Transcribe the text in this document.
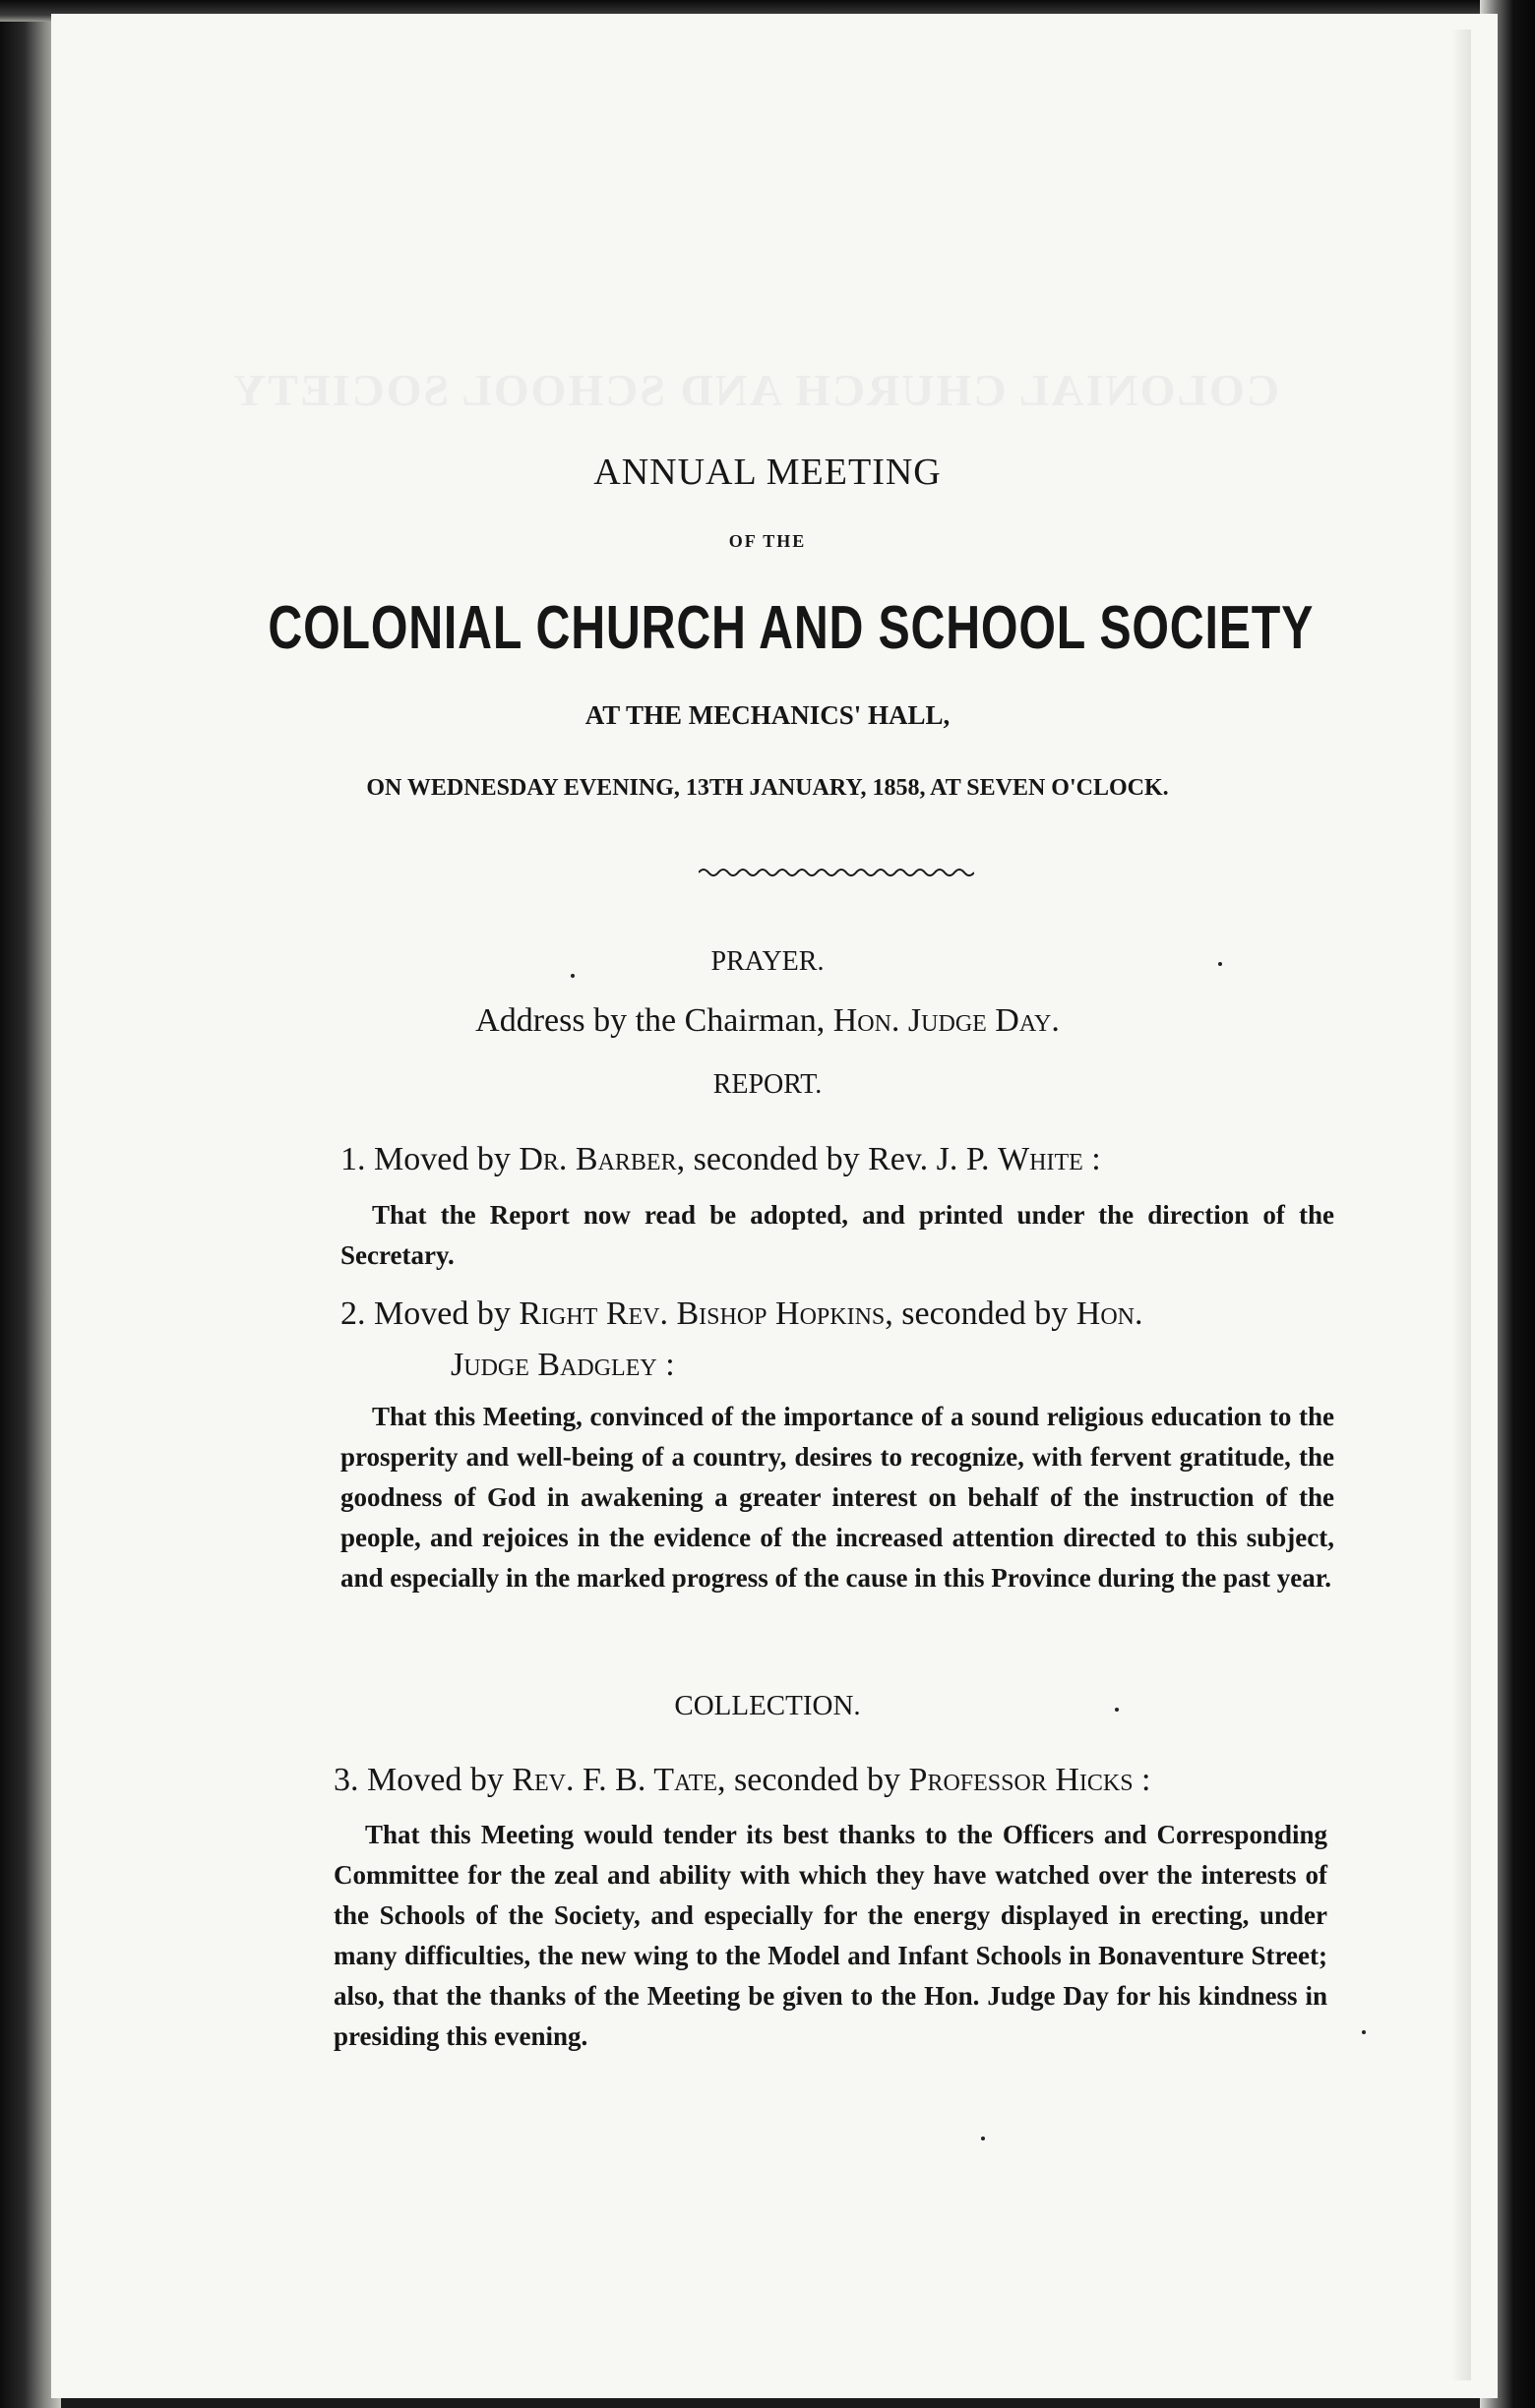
COLONIAL CHURCH AND SCHOOL SOCIETY
ANNUAL MEETING
OF THE
COLONIAL CHURCH AND SCHOOL SOCIETY
AT THE MECHANICS' HALL,
ON WEDNESDAY EVENING, 13TH JANUARY, 1858, AT SEVEN O'CLOCK.
PRAYER.
Address by the Chairman, Hon. Judge Day.
REPORT.
1. Moved by Dr. Barber, seconded by Rev. J. P. White :
That the Report now read be adopted, and printed under the direction of the Secretary.
2. Moved by Right Rev. Bishop Hopkins, seconded by Hon.
Judge Badgley :
That this Meeting, convinced of the importance of a sound religious education to the prosperity and well-being of a country, desires to recognize, with fervent gratitude, the goodness of God in awakening a greater interest on behalf of the instruction of the people, and rejoices in the evidence of the increased attention directed to this subject, and especially in the marked progress of the cause in this Province during the past year.
COLLECTION.
3. Moved by Rev. F. B. Tate, seconded by Professor Hicks :
That this Meeting would tender its best thanks to the Officers and Corresponding Committee for the zeal and ability with which they have watched over the interests of the Schools of the Society, and especially for the energy displayed in erecting, under many difficulties, the new wing to the Model and Infant Schools in Bonaventure Street; also, that the thanks of the Meeting be given to the Hon. Judge Day for his kindness in presiding this evening.
